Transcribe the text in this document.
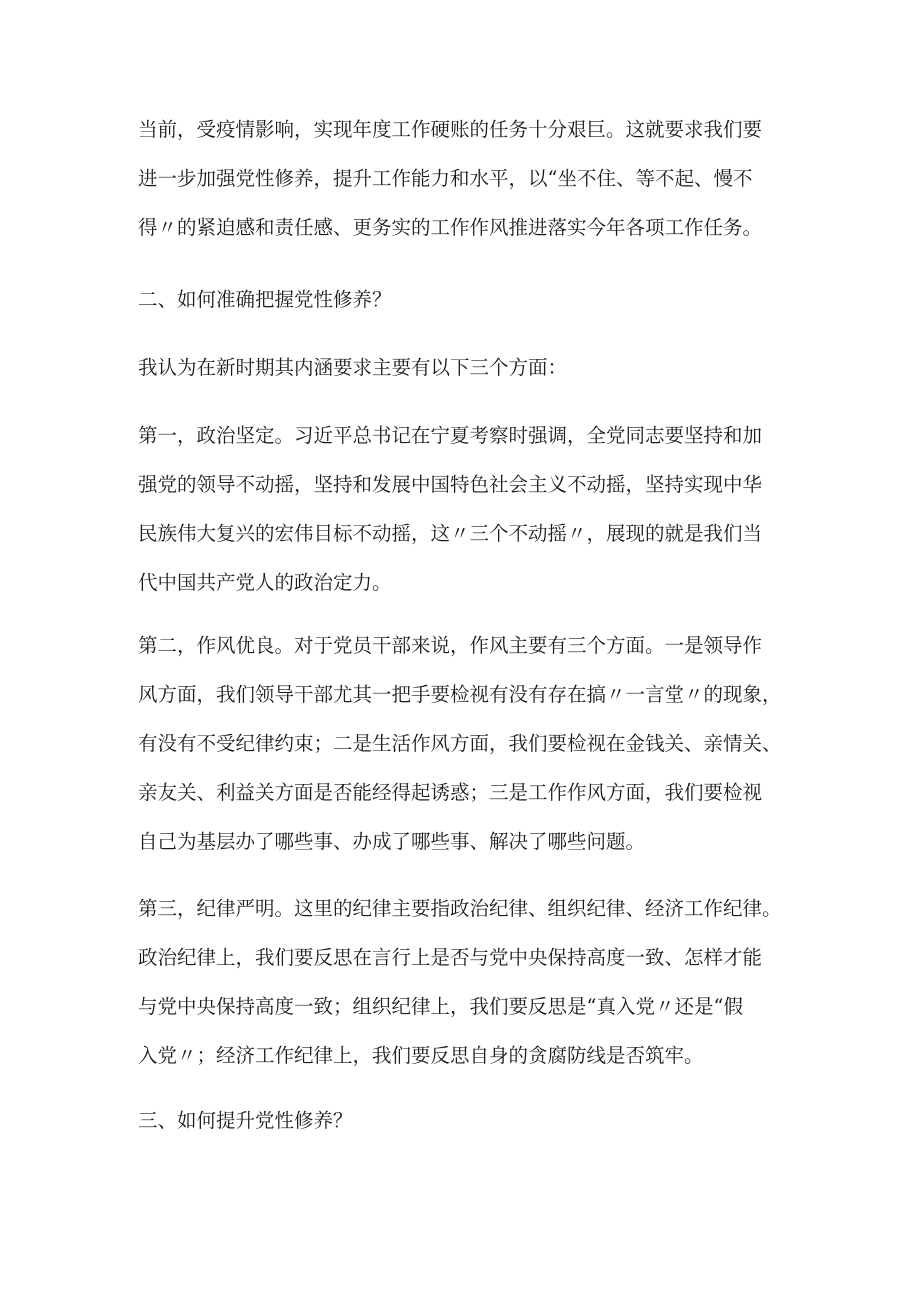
当前，受疫情影响，实现年度工作硬账的任务十分艰巨。这就要求我们要
进一步加强党性修养，提升工作能力和水平，以“坐不住、等不起、慢不
得〃的紧迫感和责任感、更务实的工作作风推进落实今年各项工作任务。
二、如何准确把握党性修养？
我认为在新时期其内涵要求主要有以下三个方面：
第一，政治坚定。习近平总书记在宁夏考察时强调，全党同志要坚持和加
强党的领导不动摇，坚持和发展中国特色社会主义不动摇，坚持实现中华
民族伟大复兴的宏伟目标不动摇，这〃三个不动摇〃，展现的就是我们当
代中国共产党人的政治定力。
第二，作风优良。对于党员干部来说，作风主要有三个方面。一是领导作
风方面，我们领导干部尤其一把手要检视有没有存在搞〃一言堂〃的现象，
有没有不受纪律约束；二是生活作风方面，我们要检视在金钱关、亲情关、
亲友关、利益关方面是否能经得起诱惑；三是工作作风方面，我们要检视
自己为基层办了哪些事、办成了哪些事、解决了哪些问题。
第三，纪律严明。这里的纪律主要指政治纪律、组织纪律、经济工作纪律。
政治纪律上，我们要反思在言行上是否与党中央保持高度一致、怎样才能
与党中央保持高度一致；组织纪律上，我们要反思是“真入党〃还是“假
入党〃；经济工作纪律上，我们要反思自身的贪腐防线是否筑牢。
三、如何提升党性修养？
